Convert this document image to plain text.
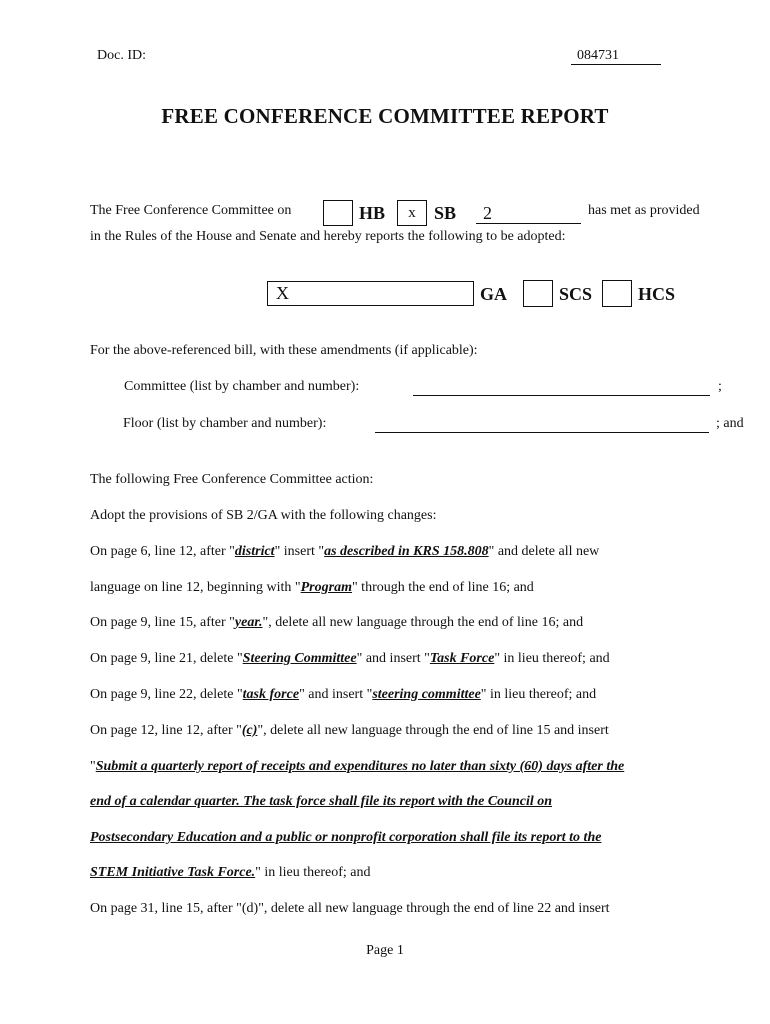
Doc. ID:	084731
FREE CONFERENCE COMMITTEE REPORT
The Free Conference Committee on	HB	x	SB 2	has met as provided
in the Rules of the House and Senate and hereby reports the following to be adopted:
X	GA	SCS	HCS
For the above-referenced bill, with these amendments (if applicable):
Committee (list by chamber and number):	;
Floor (list by chamber and number):	; and
The following Free Conference Committee action:
Adopt the provisions of SB 2/GA with the following changes:
On page 6, line 12, after "district" insert "as described in KRS 158.808" and delete all new
language on line 12, beginning with "Program" through the end of line 16; and
On page 9, line 15, after "year.", delete all new language through the end of line 16; and
On page 9, line 21, delete "Steering Committee" and insert "Task Force" in lieu thereof; and
On page 9, line 22, delete "task force" and insert "steering committee" in lieu thereof; and
On page 12, line 12, after "(c)", delete all new language through the end of line 15 and insert
"Submit a quarterly report of receipts and expenditures no later than sixty (60) days after the
end of a calendar quarter. The task force shall file its report with the Council on
Postsecondary Education and a public or nonprofit corporation shall file its report to the
STEM Initiative Task Force." in lieu thereof; and
On page 31, line 15, after "(d)", delete all new language through the end of line 22 and insert
Page 1
